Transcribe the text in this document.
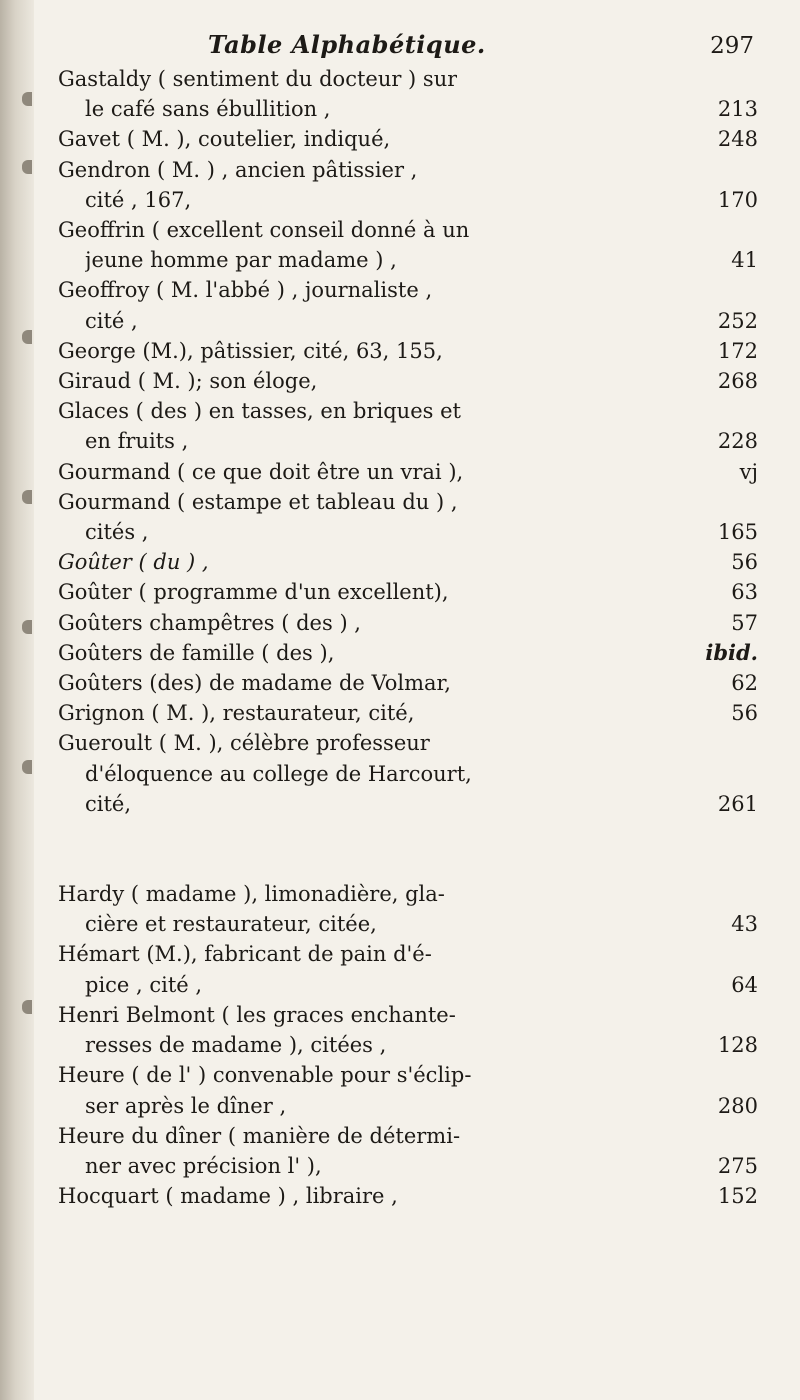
Table Alphabétique.	297
Gastaldy ( sentiment du docteur ) sur
le café sans ébullition ,	213
Gavet ( M. ), coutelier, indiqué,	248
Gendron ( M. ) , ancien pâtissier ,
cité , 167,	170
Geoffrin ( excellent conseil donné à un
jeune homme par madame ) ,	41
Geoffroy ( M. l'abbé ) , journaliste ,
cité ,	252
George (M.), pâtissier, cité, 63, 155,	172
Giraud ( M. ); son éloge,	268
Glaces ( des ) en tasses, en briques et
en fruits ,	228
Gourmand ( ce que doit être un vrai ),	vj
Gourmand ( estampe et tableau du ) ,
cités ,	165
Goûter ( du ) ,	56
Goûter ( programme d'un excellent),	63
Goûters champêtres ( des ) ,	57
Goûters de famille ( des ),	ibid.
Goûters (des) de madame de Volmar,	62
Grignon ( M. ), restaurateur, cité,	56
Gueroult ( M. ), célèbre professeur
d'éloquence au college de Harcourt,
cité,	261
Hardy ( madame ), limonadière, gla-
cière et restaurateur, citée,	43
Hémart (M.), fabricant de pain d'é-
pice , cité ,	64
Henri Belmont ( les graces enchante-
resses de madame ), citées ,	128
Heure ( de l' ) convenable pour s'éclip-
ser après le dîner ,	280
Heure du dîner ( manière de détermi-
ner avec précision l' ),	275
Hocquart ( madame ) , libraire ,	152
